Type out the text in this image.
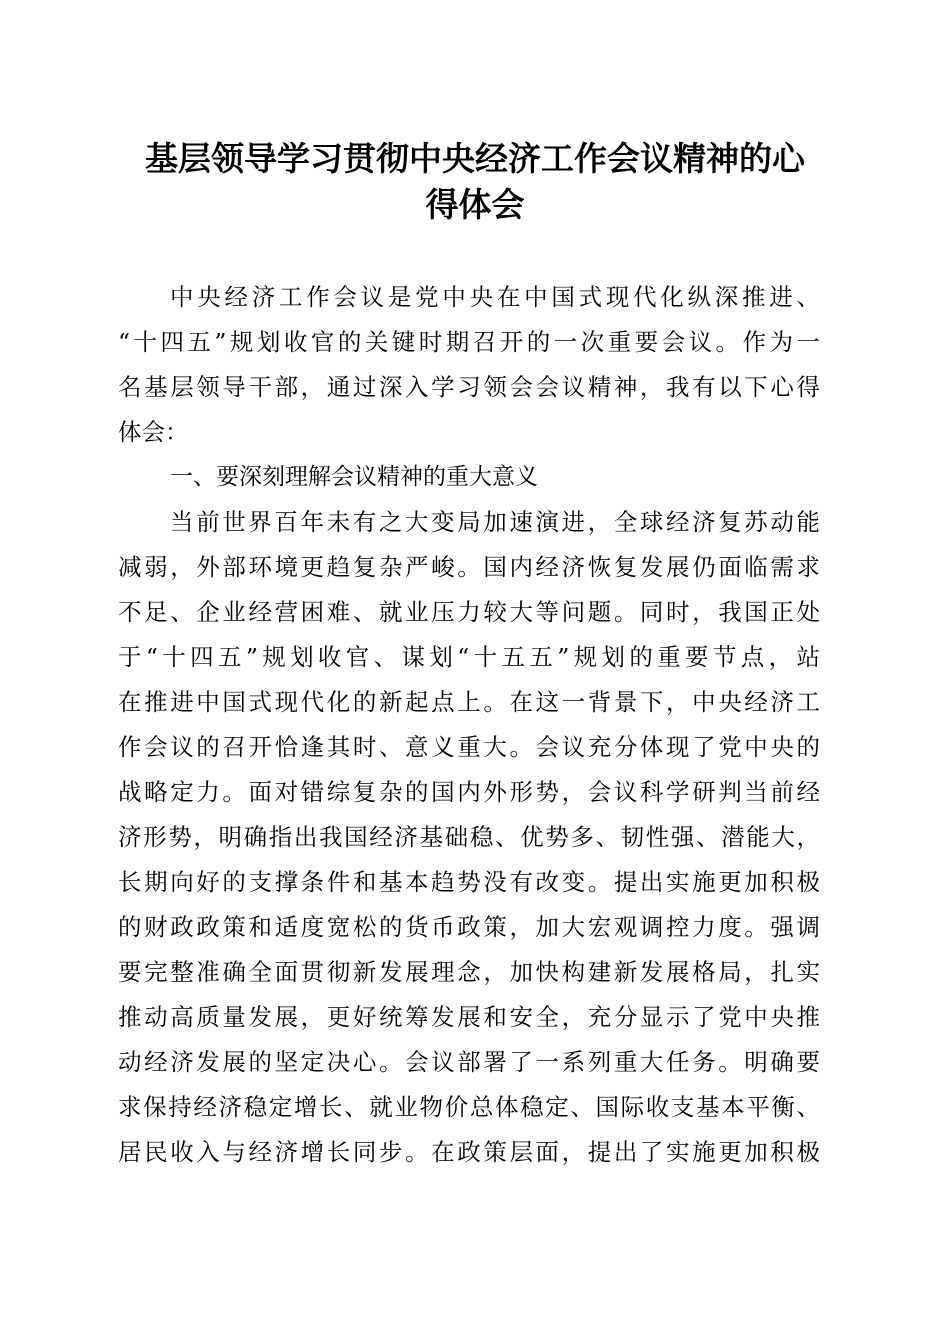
基层领导学习贯彻中央经济工作会议精神的心
得体会
中央经济工作会议是党中央在中国式现代化纵深推进、
“十四五”规划收官的关键时期召开的一次重要会议。作为一
名基层领导干部，通过深入学习领会会议精神，我有以下心得
体会：
一、要深刻理解会议精神的重大意义
当前世界百年未有之大变局加速演进，全球经济复苏动能
减弱，外部环境更趋复杂严峻。国内经济恢复发展仍面临需求
不足、企业经营困难、就业压力较大等问题。同时，我国正处
于“十四五”规划收官、谋划“十五五”规划的重要节点，站
在推进中国式现代化的新起点上。在这一背景下，中央经济工
作会议的召开恰逢其时、意义重大。会议充分体现了党中央的
战略定力。面对错综复杂的国内外形势，会议科学研判当前经
济形势，明确指出我国经济基础稳、优势多、韧性强、潜能大，
长期向好的支撑条件和基本趋势没有改变。提出实施更加积极
的财政政策和适度宽松的货币政策，加大宏观调控力度。强调
要完整准确全面贯彻新发展理念，加快构建新发展格局，扎实
推动高质量发展，更好统筹发展和安全，充分显示了党中央推
动经济发展的坚定决心。会议部署了一系列重大任务。明确要
求保持经济稳定增长、就业物价总体稳定、国际收支基本平衡、
居民收入与经济增长同步。在政策层面，提出了实施更加积极
